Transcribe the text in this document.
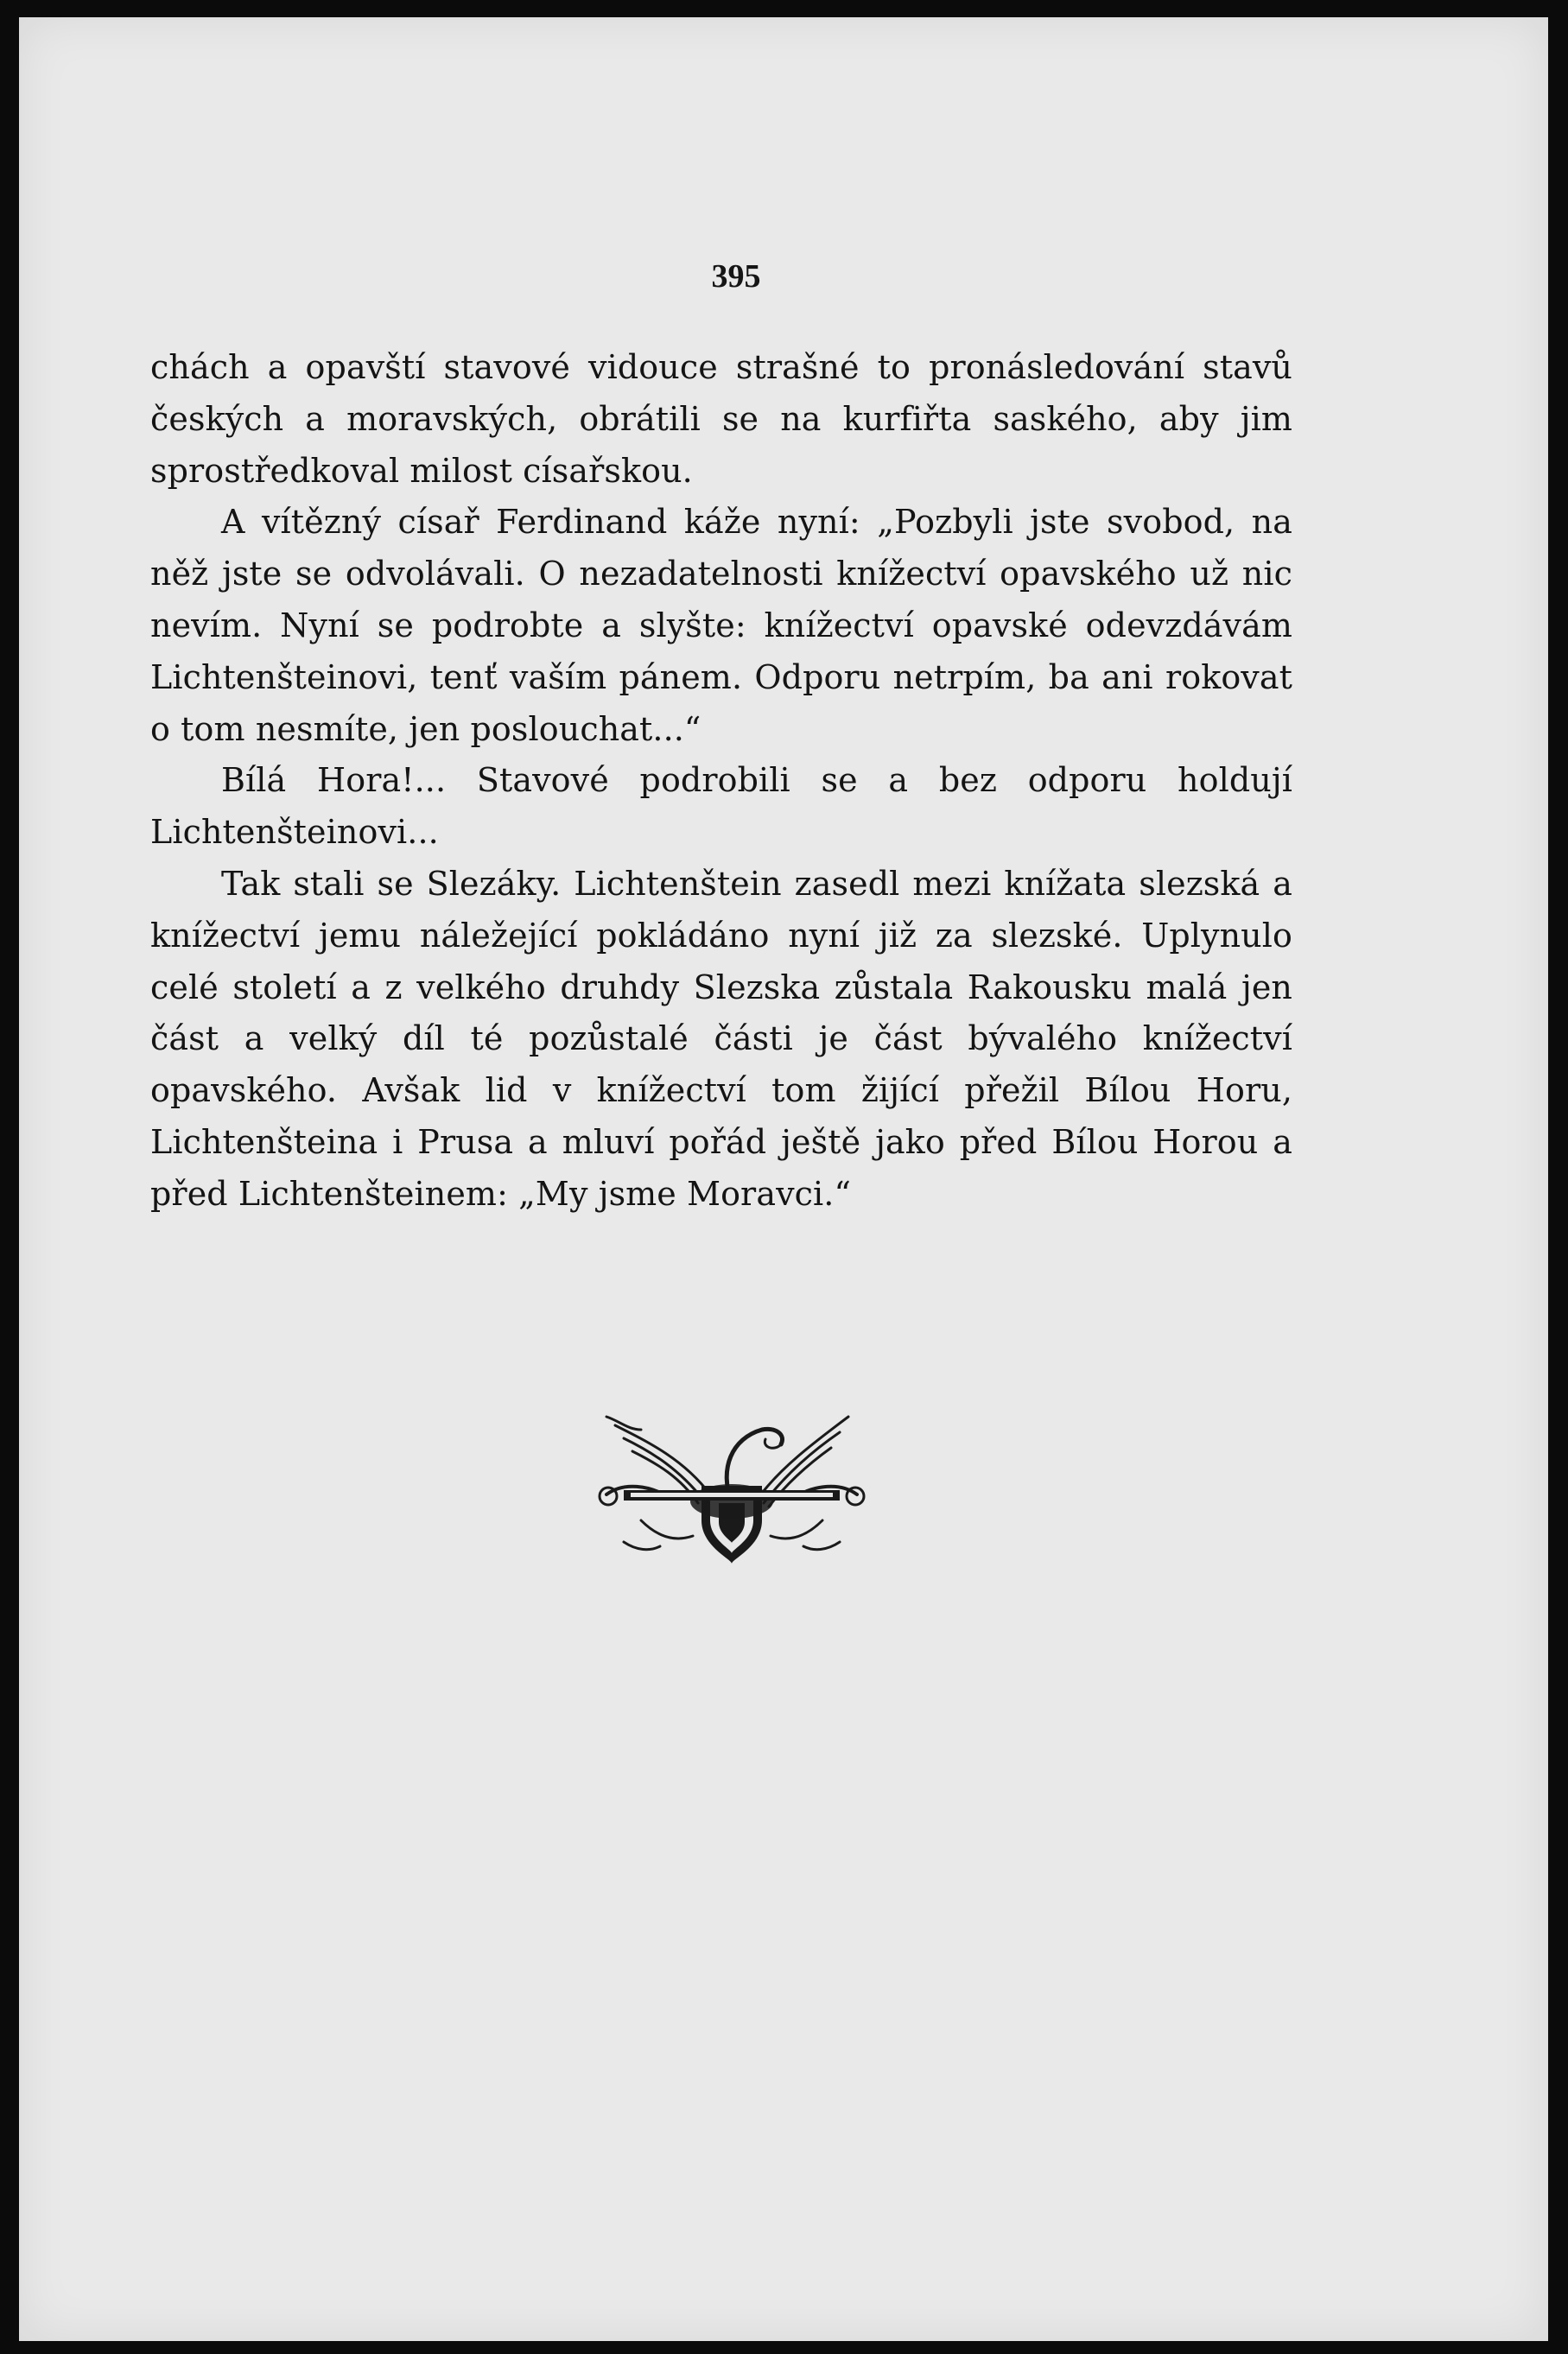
395

chách a opavští stavové vidouce strašné to pronásledování stavů českých a moravských, obrátili se na kurfiřta saského, aby jim sprostředkoval milost císařskou.

A vítězný císař Ferdinand káže nyní: „Pozbyli jste svobod, na něž jste se odvolávali. O nezadatelnosti knížectví opavského už nic nevím. Nyní se podrobte a slyšte: knížectví opavské odevzdávám Lichtenšteinovi, tenť vaším pánem. Odporu netrpím, ba ani rokovat o tom nesmíte, jen poslouchat...“

Bílá Hora!... Stavové podrobili se a bez odporu holdují Lichtenšteinovi...

Tak stali se Slezáky. Lichtenštein zasedl mezi knížata slezská a knížectví jemu náležející pokládáno nyní již za slezské. Uplynulo celé století a z velkého druhdy Slezska zůstala Rakousku malá jen část a velký díl té pozůstalé části je část bývalého knížectví opavského. Avšak lid v knížectví tom žijící přežil Bílou Horu, Lichtenšteina i Prusa a mluví pořád ještě jako před Bílou Horou a před Lichtenšteinem: „My jsme Moravci.“
